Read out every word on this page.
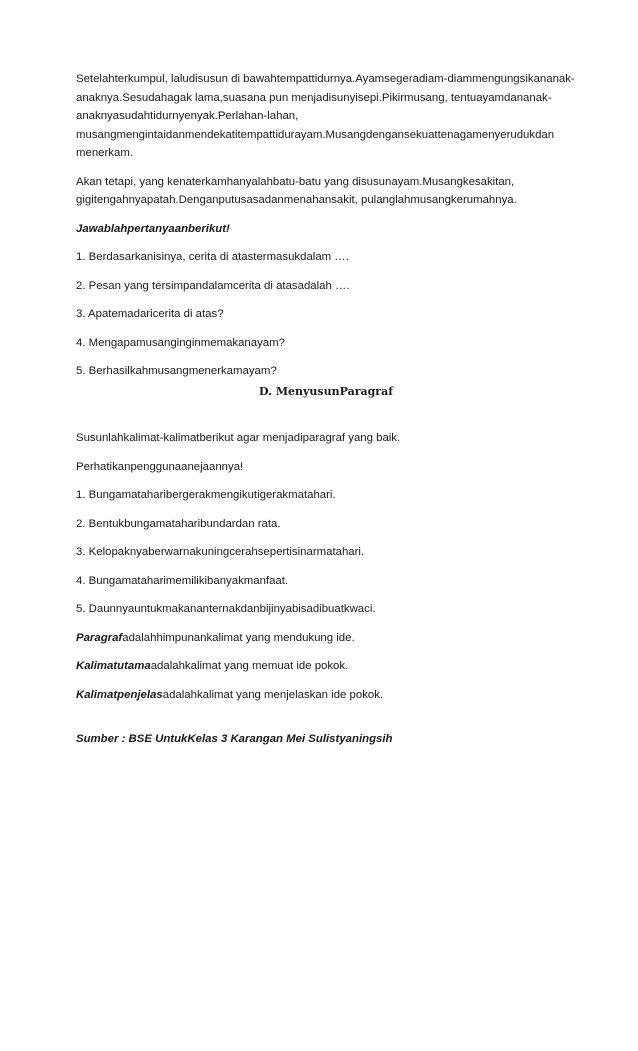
Setelahterkumpul, laludisusun di bawahtempattidurnya.Ayamsegeradiam-diammengungsikananak-anaknya.Sesudahagak lama,suasana pun menjadisunyisepi.Pikirmusang, tentuayamdananak-anaknyasudahtidurnyenyak.Perlahan-lahan, musangmengintaidanmendekatitempattidurayam.Musangdengansekuattenagamenyerudukdan menerkam.

Akan tetapi, yang kenaterkamhanyalahbatu-batu yang disusunayam.Musangkesakitan, gigitengahnyapatah.Denganputusasadanmenahansakit, pulanglahmusangkerumahnya.

Jawablahpertanyaanberikut!

1. Berdasarkanisinya, cerita di atastermasukdalam ….

2. Pesan yang tersimpandalamcerita di atasadalah ….

3. Apatemadaricerita di atas?

4. Mengapamusanginginmemakanayam?

5. Berhasilkahmusangmenerkamayam?

D. MenyusunParagraf

Susunlahkalimat-kalimatberikut agar menjadiparagraf yang baik.

Perhatikanpenggunaanejaannya!

1. Bungamataharibergerakmengikutigerakmatahari.

2. Bentukbungamataharibundardan rata.

3. Kelopaknyaberwarnakuningcerahsepertisinarmatahari.

4. Bungamataharimemilikibanyakmanfaat.

5. Daunnyauntukmakananternakdanbijinyabisadibuatkwaci.

Paragrafadalahhimpunankalimat yang mendukung ide.

Kalimatutamaadalahkalimat yang memuat ide pokok.

Kalimatpenjelasadalahkalimat yang menjelaskan ide pokok.

Sumber : BSE UntukKelas 3 Karangan Mei Sulistyaningsih
